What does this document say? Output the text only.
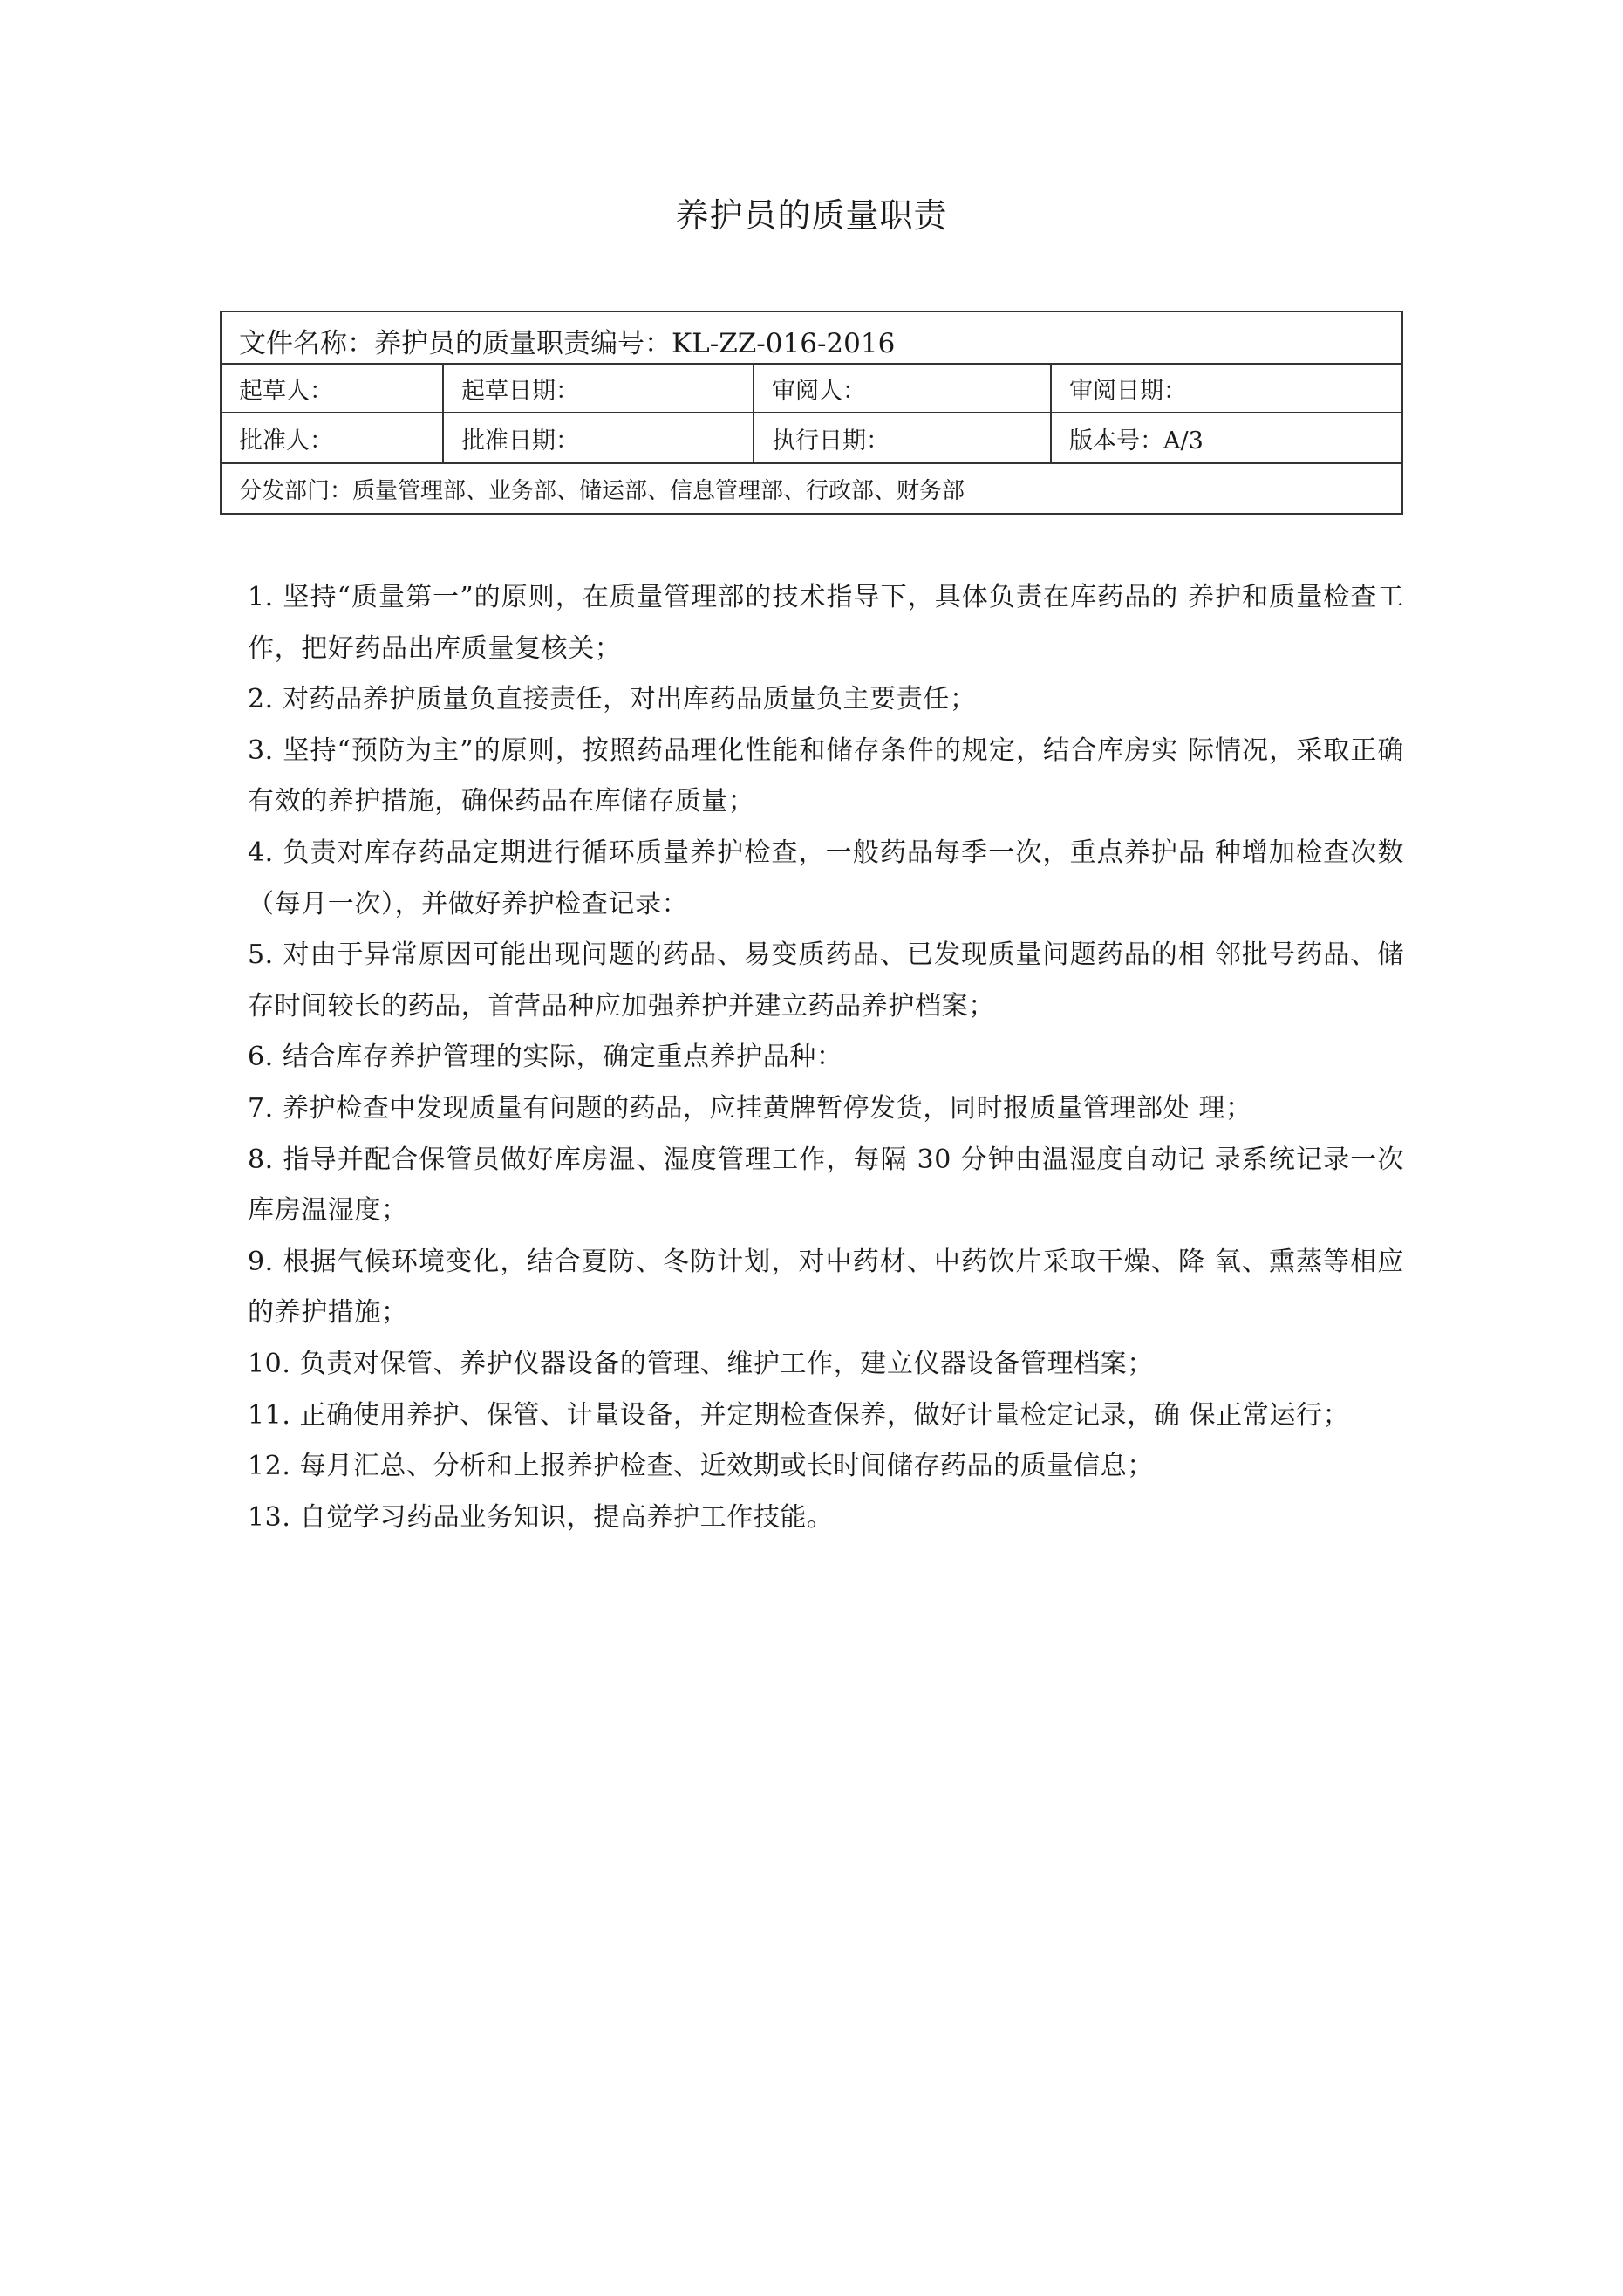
养护员的质量职责
文件名称：养护员的质量职责编号：KL-ZZ-016-2016
起草人：	起草日期：	审阅人：	审阅日期：
批准人：	批准日期：	执行日期：	版本号：A/3
分发部门：质量管理部、业务部、储运部、信息管理部、行政部、财务部
1. 坚持“质量第一”的原则，在质量管理部的技术指导下，具体负责在库药品的 养护和质量检查工作，把好药品出库质量复核关；
2. 对药品养护质量负直接责任，对出库药品质量负主要责任；
3. 坚持“预防为主”的原则，按照药品理化性能和储存条件的规定，结合库房实 际情况，采取正确有效的养护措施，确保药品在库储存质量；
4. 负责对库存药品定期进行循环质量养护检查，一般药品每季一次，重点养护品 种增加检查次数（每月一次），并做好养护检查记录：
5. 对由于异常原因可能出现问题的药品、易变质药品、已发现质量问题药品的相 邻批号药品、储存时间较长的药品，首营品种应加强养护并建立药品养护档案；
6. 结合库存养护管理的实际，确定重点养护品种：
7. 养护检查中发现质量有问题的药品，应挂黄牌暂停发货，同时报质量管理部处 理；
8. 指导并配合保管员做好库房温、湿度管理工作，每隔 30 分钟由温湿度自动记 录系统记录一次库房温湿度；
9. 根据气候环境变化，结合夏防、冬防计划，对中药材、中药饮片采取干燥、降 氧、熏蒸等相应的养护措施；
10. 负责对保管、养护仪器设备的管理、维护工作，建立仪器设备管理档案；
11. 正确使用养护、保管、计量设备，并定期检查保养，做好计量检定记录，确 保正常运行；
12. 每月汇总、分析和上报养护检查、近效期或长时间储存药品的质量信息；
13. 自觉学习药品业务知识，提高养护工作技能。
